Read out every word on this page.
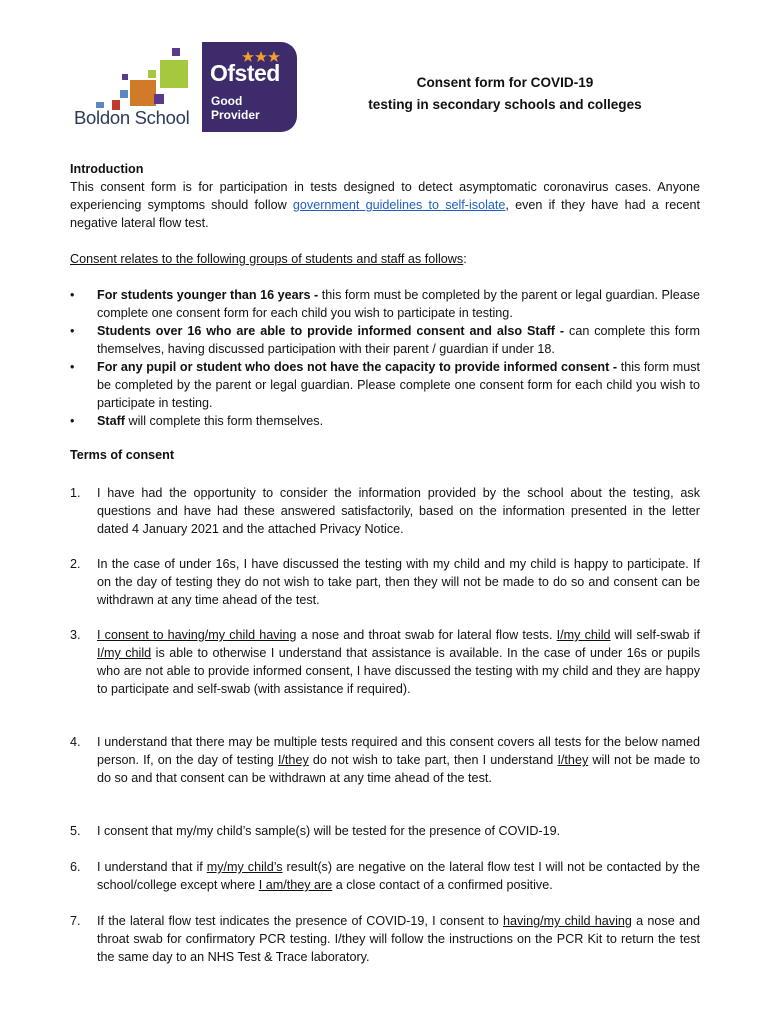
Boldon School
Ofsted
Good
Provider
Consent form for COVID-19
testing in secondary schools and colleges
Introduction
This consent form is for participation in tests designed to detect asymptomatic coronavirus cases. Anyone experiencing symptoms should follow government guidelines to self-isolate, even if they have had a recent negative lateral flow test.
Consent relates to the following groups of students and staff as follows:
•	For students younger than 16 years - this form must be completed by the parent or legal guardian. Please complete one consent form for each child you wish to participate in testing.
•	Students over 16 who are able to provide informed consent and also Staff - can complete this form themselves, having discussed participation with their parent / guardian if under 18.
•	For any pupil or student who does not have the capacity to provide informed consent - this form must be completed by the parent or legal guardian. Please complete one consent form for each child you wish to participate in testing.
•	Staff will complete this form themselves.
Terms of consent
1. I have had the opportunity to consider the information provided by the school about the testing, ask questions and have had these answered satisfactorily, based on the information presented in the letter dated 4 January 2021 and the attached Privacy Notice.
2. In the case of under 16s, I have discussed the testing with my child and my child is happy to participate. If on the day of testing they do not wish to take part, then they will not be made to do so and consent can be withdrawn at any time ahead of the test.
3. I consent to having/my child having a nose and throat swab for lateral flow tests. I/my child will self-swab if I/my child is able to otherwise I understand that assistance is available. In the case of under 16s or pupils who are not able to provide informed consent, I have discussed the testing with my child and they are happy to participate and self-swab (with assistance if required).
4. I understand that there may be multiple tests required and this consent covers all tests for the below named person. If, on the day of testing I/they do not wish to take part, then I understand I/they will not be made to do so and that consent can be withdrawn at any time ahead of the test.
5. I consent that my/my child’s sample(s) will be tested for the presence of COVID-19.
6. I understand that if my/my child’s result(s) are negative on the lateral flow test I will not be contacted by the school/college except where I am/they are a close contact of a confirmed positive.
7. If the lateral flow test indicates the presence of COVID-19, I consent to having/my child having a nose and throat swab for confirmatory PCR testing. I/they will follow the instructions on the PCR Kit to return the test the same day to an NHS Test & Trace laboratory.
